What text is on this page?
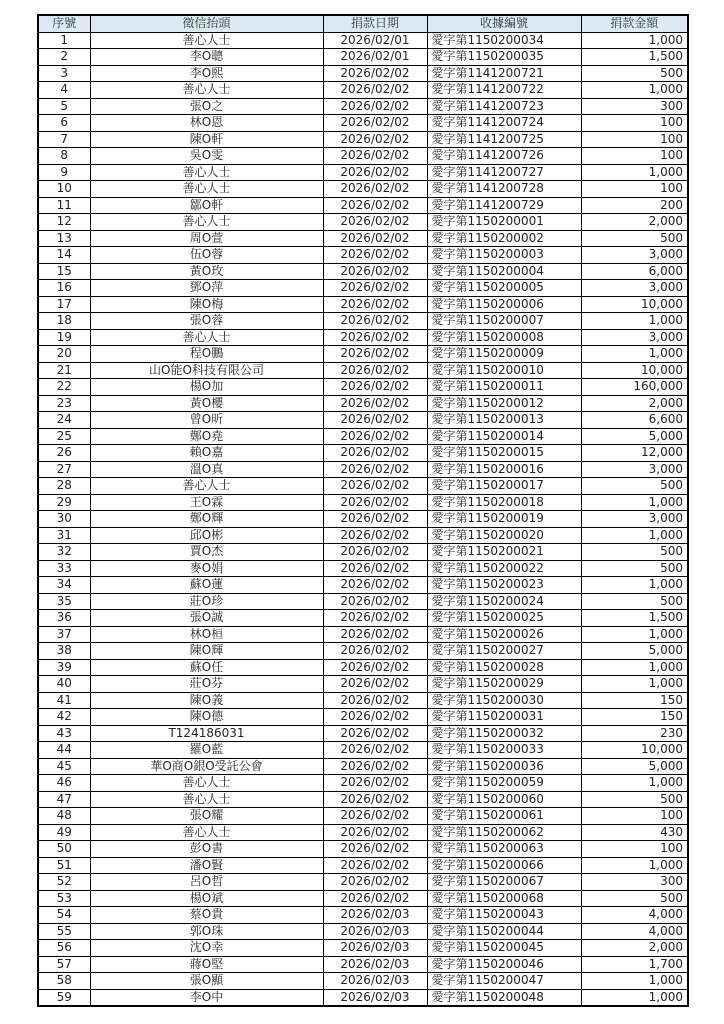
序號	徵信抬頭	捐款日期	收據編號	捐款金額
1	善心人士	2026/02/01	愛字第1150200034	1,000
2	李O聰	2026/02/01	愛字第1150200035	1,500
3	李O熙	2026/02/02	愛字第1141200721	500
4	善心人士	2026/02/02	愛字第1141200722	1,000
5	張O之	2026/02/02	愛字第1141200723	300
6	林O恩	2026/02/02	愛字第1141200724	100
7	陳O軒	2026/02/02	愛字第1141200725	100
8	吳O雯	2026/02/02	愛字第1141200726	100
9	善心人士	2026/02/02	愛字第1141200727	1,000
10	善心人士	2026/02/02	愛字第1141200728	100
11	鄒O軒	2026/02/02	愛字第1141200729	200
12	善心人士	2026/02/02	愛字第1150200001	2,000
13	周O萱	2026/02/02	愛字第1150200002	500
14	伍O蓉	2026/02/02	愛字第1150200003	3,000
15	黃O玫	2026/02/02	愛字第1150200004	6,000
16	鄧O萍	2026/02/02	愛字第1150200005	3,000
17	陳O梅	2026/02/02	愛字第1150200006	10,000
18	張O蓉	2026/02/02	愛字第1150200007	1,000
19	善心人士	2026/02/02	愛字第1150200008	3,000
20	程O鵬	2026/02/02	愛字第1150200009	1,000
21	山O能O科技有限公司	2026/02/02	愛字第1150200010	10,000
22	楊O加	2026/02/02	愛字第1150200011	160,000
23	黃O櫻	2026/02/02	愛字第1150200012	2,000
24	曾O昕	2026/02/02	愛字第1150200013	6,600
25	鄭O堯	2026/02/02	愛字第1150200014	5,000
26	賴O嘉	2026/02/02	愛字第1150200015	12,000
27	溫O真	2026/02/02	愛字第1150200016	3,000
28	善心人士	2026/02/02	愛字第1150200017	500
29	王O霖	2026/02/02	愛字第1150200018	1,000
30	鄭O輝	2026/02/02	愛字第1150200019	3,000
31	邱O彬	2026/02/02	愛字第1150200020	1,000
32	賈O杰	2026/02/02	愛字第1150200021	500
33	麥O娟	2026/02/02	愛字第1150200022	500
34	蘇O蓮	2026/02/02	愛字第1150200023	1,000
35	莊O珍	2026/02/02	愛字第1150200024	500
36	張O誠	2026/02/02	愛字第1150200025	1,500
37	林O桓	2026/02/02	愛字第1150200026	1,000
38	陳O輝	2026/02/02	愛字第1150200027	5,000
39	蘇O任	2026/02/02	愛字第1150200028	1,000
40	莊O芬	2026/02/02	愛字第1150200029	1,000
41	陳O義	2026/02/02	愛字第1150200030	150
42	陳O德	2026/02/02	愛字第1150200031	150
43	T124186031	2026/02/02	愛字第1150200032	230
44	羅O藍	2026/02/02	愛字第1150200033	10,000
45	華O商O銀O受託公會	2026/02/02	愛字第1150200036	5,000
46	善心人士	2026/02/02	愛字第1150200059	1,000
47	善心人士	2026/02/02	愛字第1150200060	500
48	張O耀	2026/02/02	愛字第1150200061	100
49	善心人士	2026/02/02	愛字第1150200062	430
50	彭O書	2026/02/02	愛字第1150200063	100
51	潘O賢	2026/02/02	愛字第1150200066	1,000
52	呂O哲	2026/02/02	愛字第1150200067	300
53	楊O斌	2026/02/02	愛字第1150200068	500
54	蔡O貴	2026/02/03	愛字第1150200043	4,000
55	郭O珠	2026/02/03	愛字第1150200044	4,000
56	沈O幸	2026/02/03	愛字第1150200045	2,000
57	蔣O堅	2026/02/03	愛字第1150200046	1,700
58	張O顯	2026/02/03	愛字第1150200047	1,000
59	李O中	2026/02/03	愛字第1150200048	1,000
